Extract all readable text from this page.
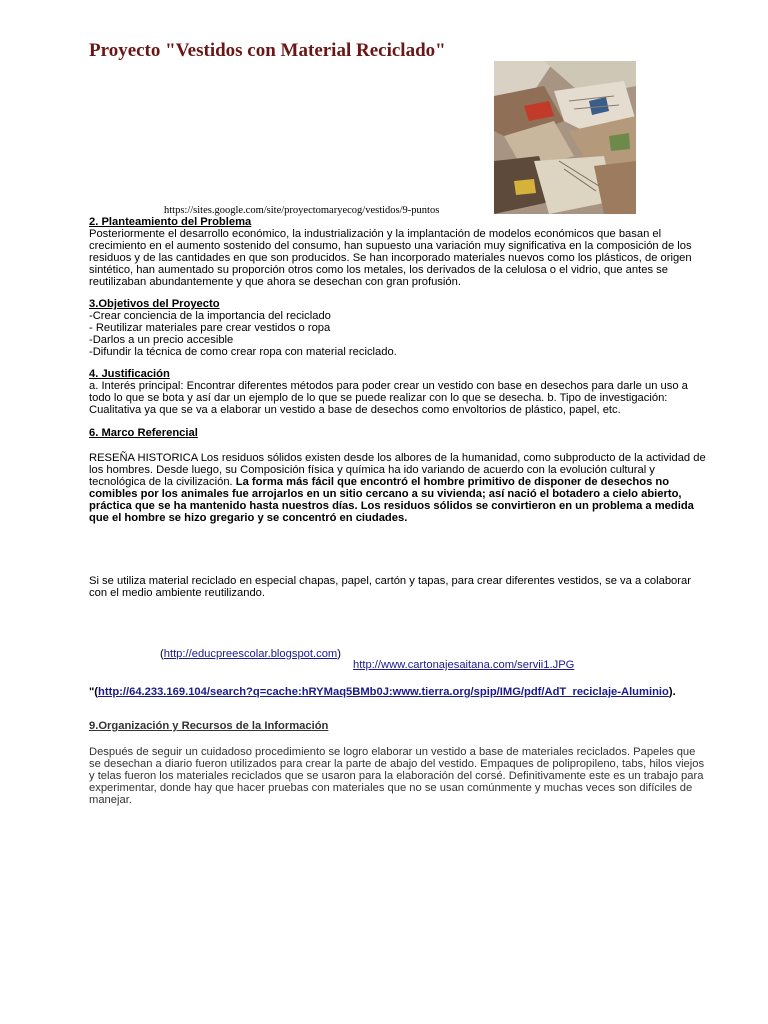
Proyecto "Vestidos con Material Reciclado"
https://sites.google.com/site/proyectomaryecog/vestidos/9-puntos

2. Planteamiento del Problema

Posteriormente el desarrollo económico, la industrialización y la implantación de modelos económicos que basan el crecimiento en el aumento sostenido del consumo, han supuesto una variación muy significativa en la composición de los residuos y de las cantidades en que son producidos. Se han incorporado materiales nuevos como los plásticos, de origen sintético, han aumentado su proporción otros como los metales, los derivados de la celulosa o el vidrio, que antes se reutilizaban abundantemente y que ahora se desechan con gran profusión.

3.Objetivos del Proyecto

-Crear conciencia de la importancia del reciclado

- Reutilizar materiales pare crear vestidos o ropa

-Darlos a un precio accesible

-Difundir la técnica de como crear ropa con material reciclado.

4. Justificación

a. Interés principal: Encontrar diferentes métodos para poder crear un vestido con base en desechos para darle un uso a todo lo que se bota y así dar un ejemplo de lo que se puede realizar con lo que se desecha. b. Tipo de investigación: Cualitativa ya que se va a elaborar un vestido a base de desechos como envoltorios de plástico, papel, etc.

6. Marco Referencial

RESEÑA HISTORICA Los residuos sólidos existen desde los albores de la humanidad, como subproducto de la actividad de los hombres. Desde luego, su Composición física y química ha ido variando de acuerdo con la evolución cultural y tecnológica de la civilización. La forma más fácil que encontró el hombre primitivo de disponer de desechos no comibles por los animales fue arrojarlos en un sitio cercano a su vivienda; así nació el botadero a cielo abierto, práctica que se ha mantenido hasta nuestros días. Los residuos sólidos se convirtieron en un problema a medida que el hombre se hizo gregario y se concentró en ciudades.

Si se utiliza material reciclado en especial chapas, papel, cartón y tapas, para crear diferentes vestidos, se va a colaborar con el medio ambiente reutilizando.
(http://educpreescolar.blogspot.com)
http://www.cartonajesaitana.com/servii1.JPG
"(http://64.233.169.104/search?q=cache:hRYMaq5BMb0J:www.tierra.org/spip/IMG/pdf/AdT_reciclaje-Aluminio).

9.Organización y Recursos de la Información

Después de seguir un cuidadoso procedimiento se logro elaborar un vestido a base de materiales reciclados. Papeles que se desechan a diario fueron utilizados para crear la parte de abajo del vestido. Empaques de polipropileno, tabs, hilos viejos y telas fueron los materiales reciclados que se usaron para la elaboración del corsé. Definitivamente este es un trabajo para experimentar, donde hay que hacer pruebas con materiales que no se usan comúnmente y muchas veces son difíciles de manejar.
